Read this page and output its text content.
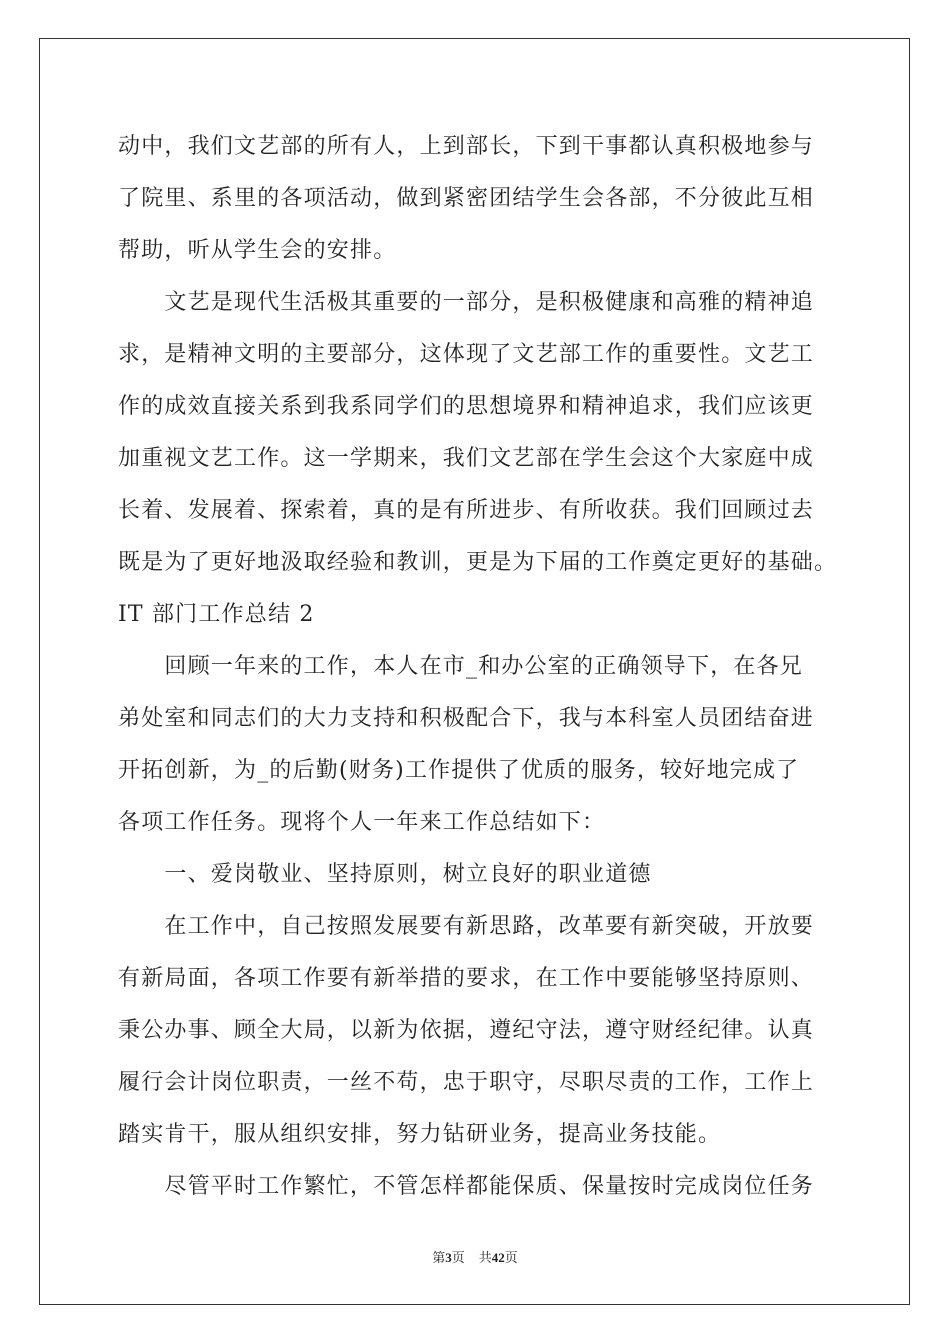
动中，我们文艺部的所有人，上到部长，下到干事都认真积极地参与
了院里、系里的各项活动，做到紧密团结学生会各部，不分彼此互相
帮助，听从学生会的安排。
　　文艺是现代生活极其重要的一部分，是积极健康和高雅的精神追
求，是精神文明的主要部分，这体现了文艺部工作的重要性。文艺工
作的成效直接关系到我系同学们的思想境界和精神追求，我们应该更
加重视文艺工作。这一学期来，我们文艺部在学生会这个大家庭中成
长着、发展着、探索着，真的是有所进步、有所收获。我们回顾过去
既是为了更好地汲取经验和教训，更是为下届的工作奠定更好的基础。
IT 部门工作总结 2
　　回顾一年来的工作，本人在市_和办公室的正确领导下，在各兄
弟处室和同志们的大力支持和积极配合下，我与本科室人员团结奋进
开拓创新，为_的后勤(财务)工作提供了优质的服务，较好地完成了
各项工作任务。现将个人一年来工作总结如下：
　　一、爱岗敬业、坚持原则，树立良好的职业道德
　　在工作中，自己按照发展要有新思路，改革要有新突破，开放要
有新局面，各项工作要有新举措的要求，在工作中要能够坚持原则、
秉公办事、顾全大局，以新为依据，遵纪守法，遵守财经纪律。认真
履行会计岗位职责，一丝不苟，忠于职守，尽职尽责的工作，工作上
踏实肯干，服从组织安排，努力钻研业务，提高业务技能。
　　尽管平时工作繁忙，不管怎样都能保质、保量按时完成岗位任务
第3页 共42页
